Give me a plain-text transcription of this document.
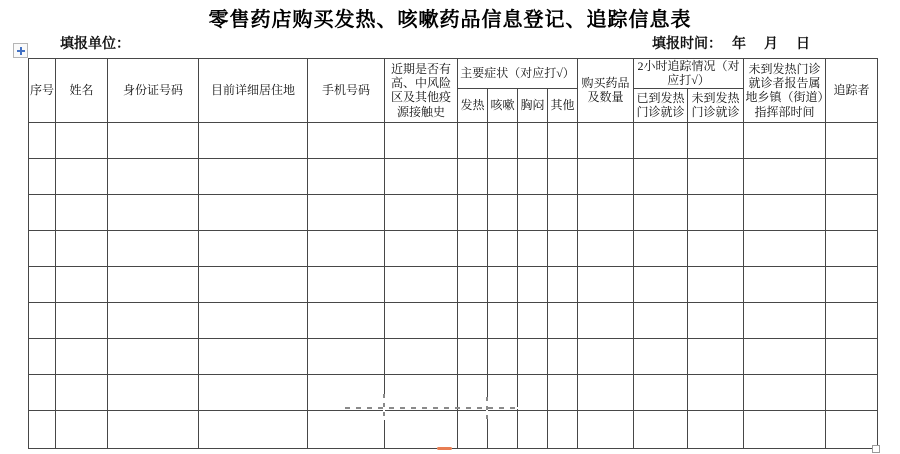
零售药店购买发热、咳嗽药品信息登记、追踪信息表
填报单位：	填报时间： 年　月　日
序号	姓名	身份证号码	目前详细居住地	手机号码	近期是否有高、中风险区及其他疫源接触史	主要症状（对应打√）				购买药品及数量	2小时追踪情况（对应打√）		未到发热门诊就诊者报告属地乡镇（街道）指挥部时间	追踪者
						发热	咳嗽	胸闷	其他		已到发热门诊就诊	未到发热门诊就诊		
